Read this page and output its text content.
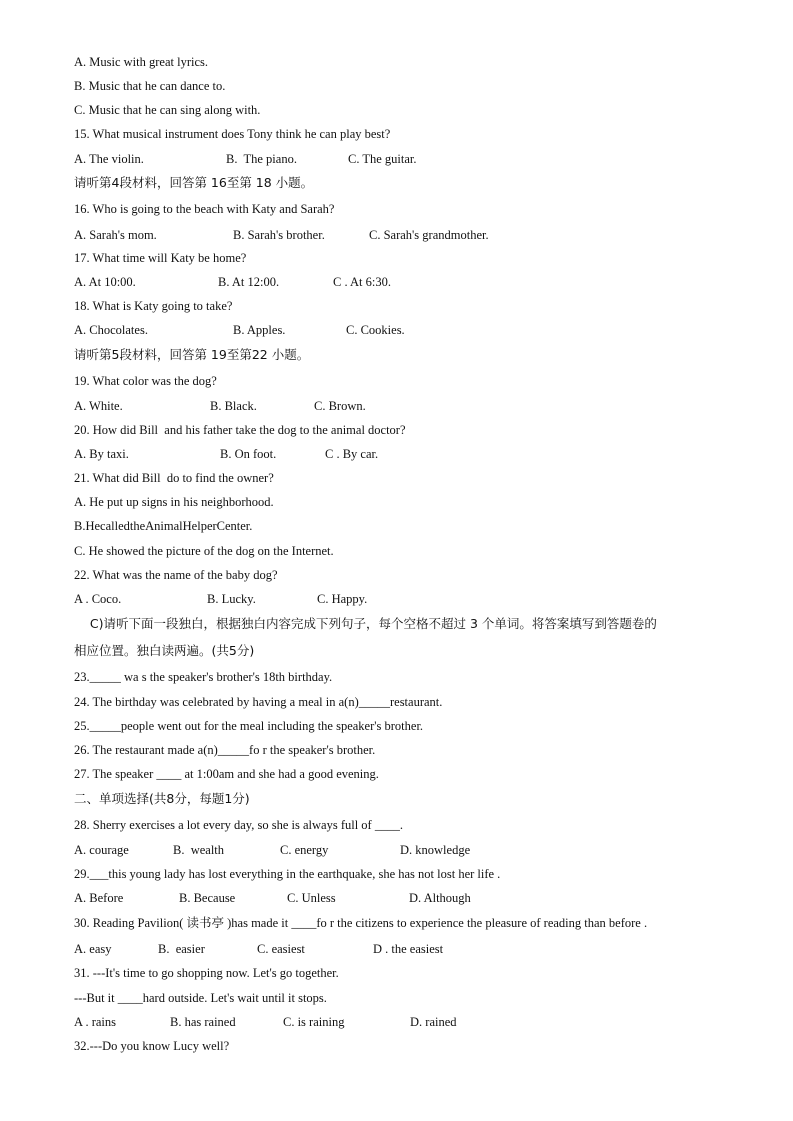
A. Music with great lyrics.
B. Music that he can dance to.
C. Music that he can sing along with.
15. What musical instrument does Tony think he can play best?
A. The violin.	B.  The piano.	C. The guitar.
请听第4段材料，回答第 16至第 18 小题。
16. Who is going to the beach with Katy and Sarah?
A. Sarah's mom.	B. Sarah's brother.	C. Sarah's grandmother.
17. What time will Katy be home?
A. At 10:00.	B. At 12:00.	C . At 6:30.
18. What is Katy going to take?
A. Chocolates.	B. Apples.	C. Cookies.
请听第5段材料，回答第 19至第22 小题。
19. What color was the dog?
A. White.	B. Black.	C. Brown.
20. How did Bill  and his father take the dog to the animal doctor?
A. By taxi.	B. On foot.	C . By car.
21. What did Bill  do to find the owner?
A. He put up signs in his neighborhood.
B.HecalledtheAnimalHelperCenter.
C. He showed the picture of the dog on the Internet.
22. What was the name of the baby dog?
A . Coco.	B. Lucky.	C. Happy.
C)请听下面一段独白，根据独白内容完成下列句子，每个空格不超过 3 个单词。将答案填写到答题卷的
相应位置。独白读两遍。(共5分)
23._____ wa s the speaker's brother's 18th birthday.
24. The birthday was celebrated by having a meal in a(n)_____restaurant.
25._____people went out for the meal including the speaker's brother.
26. The restaurant made a(n)_____fo r the speaker's brother.
27. The speaker ____ at 1:00am and she had a good evening.
二、单项选择(共8分，每题1分)
28. Sherry exercises a lot every day, so she is always full of ____.
A. courage	B.  wealth	C. energy	D. knowledge
29.___this young lady has lost everything in the earthquake, she has not lost her life .
A. Before	B. Because	C. Unless	D. Although
30. Reading Pavilion( 读书亭 )has made it ____fo r the citizens to experience the pleasure of reading than before .
A. easy	B.  easier	C. easiest	D . the easiest
31. ---It's time to go shopping now. Let's go together.
---But it ____hard outside. Let's wait until it stops.
A . rains	B. has rained	C. is raining	D. rained
32.---Do you know Lucy well?
